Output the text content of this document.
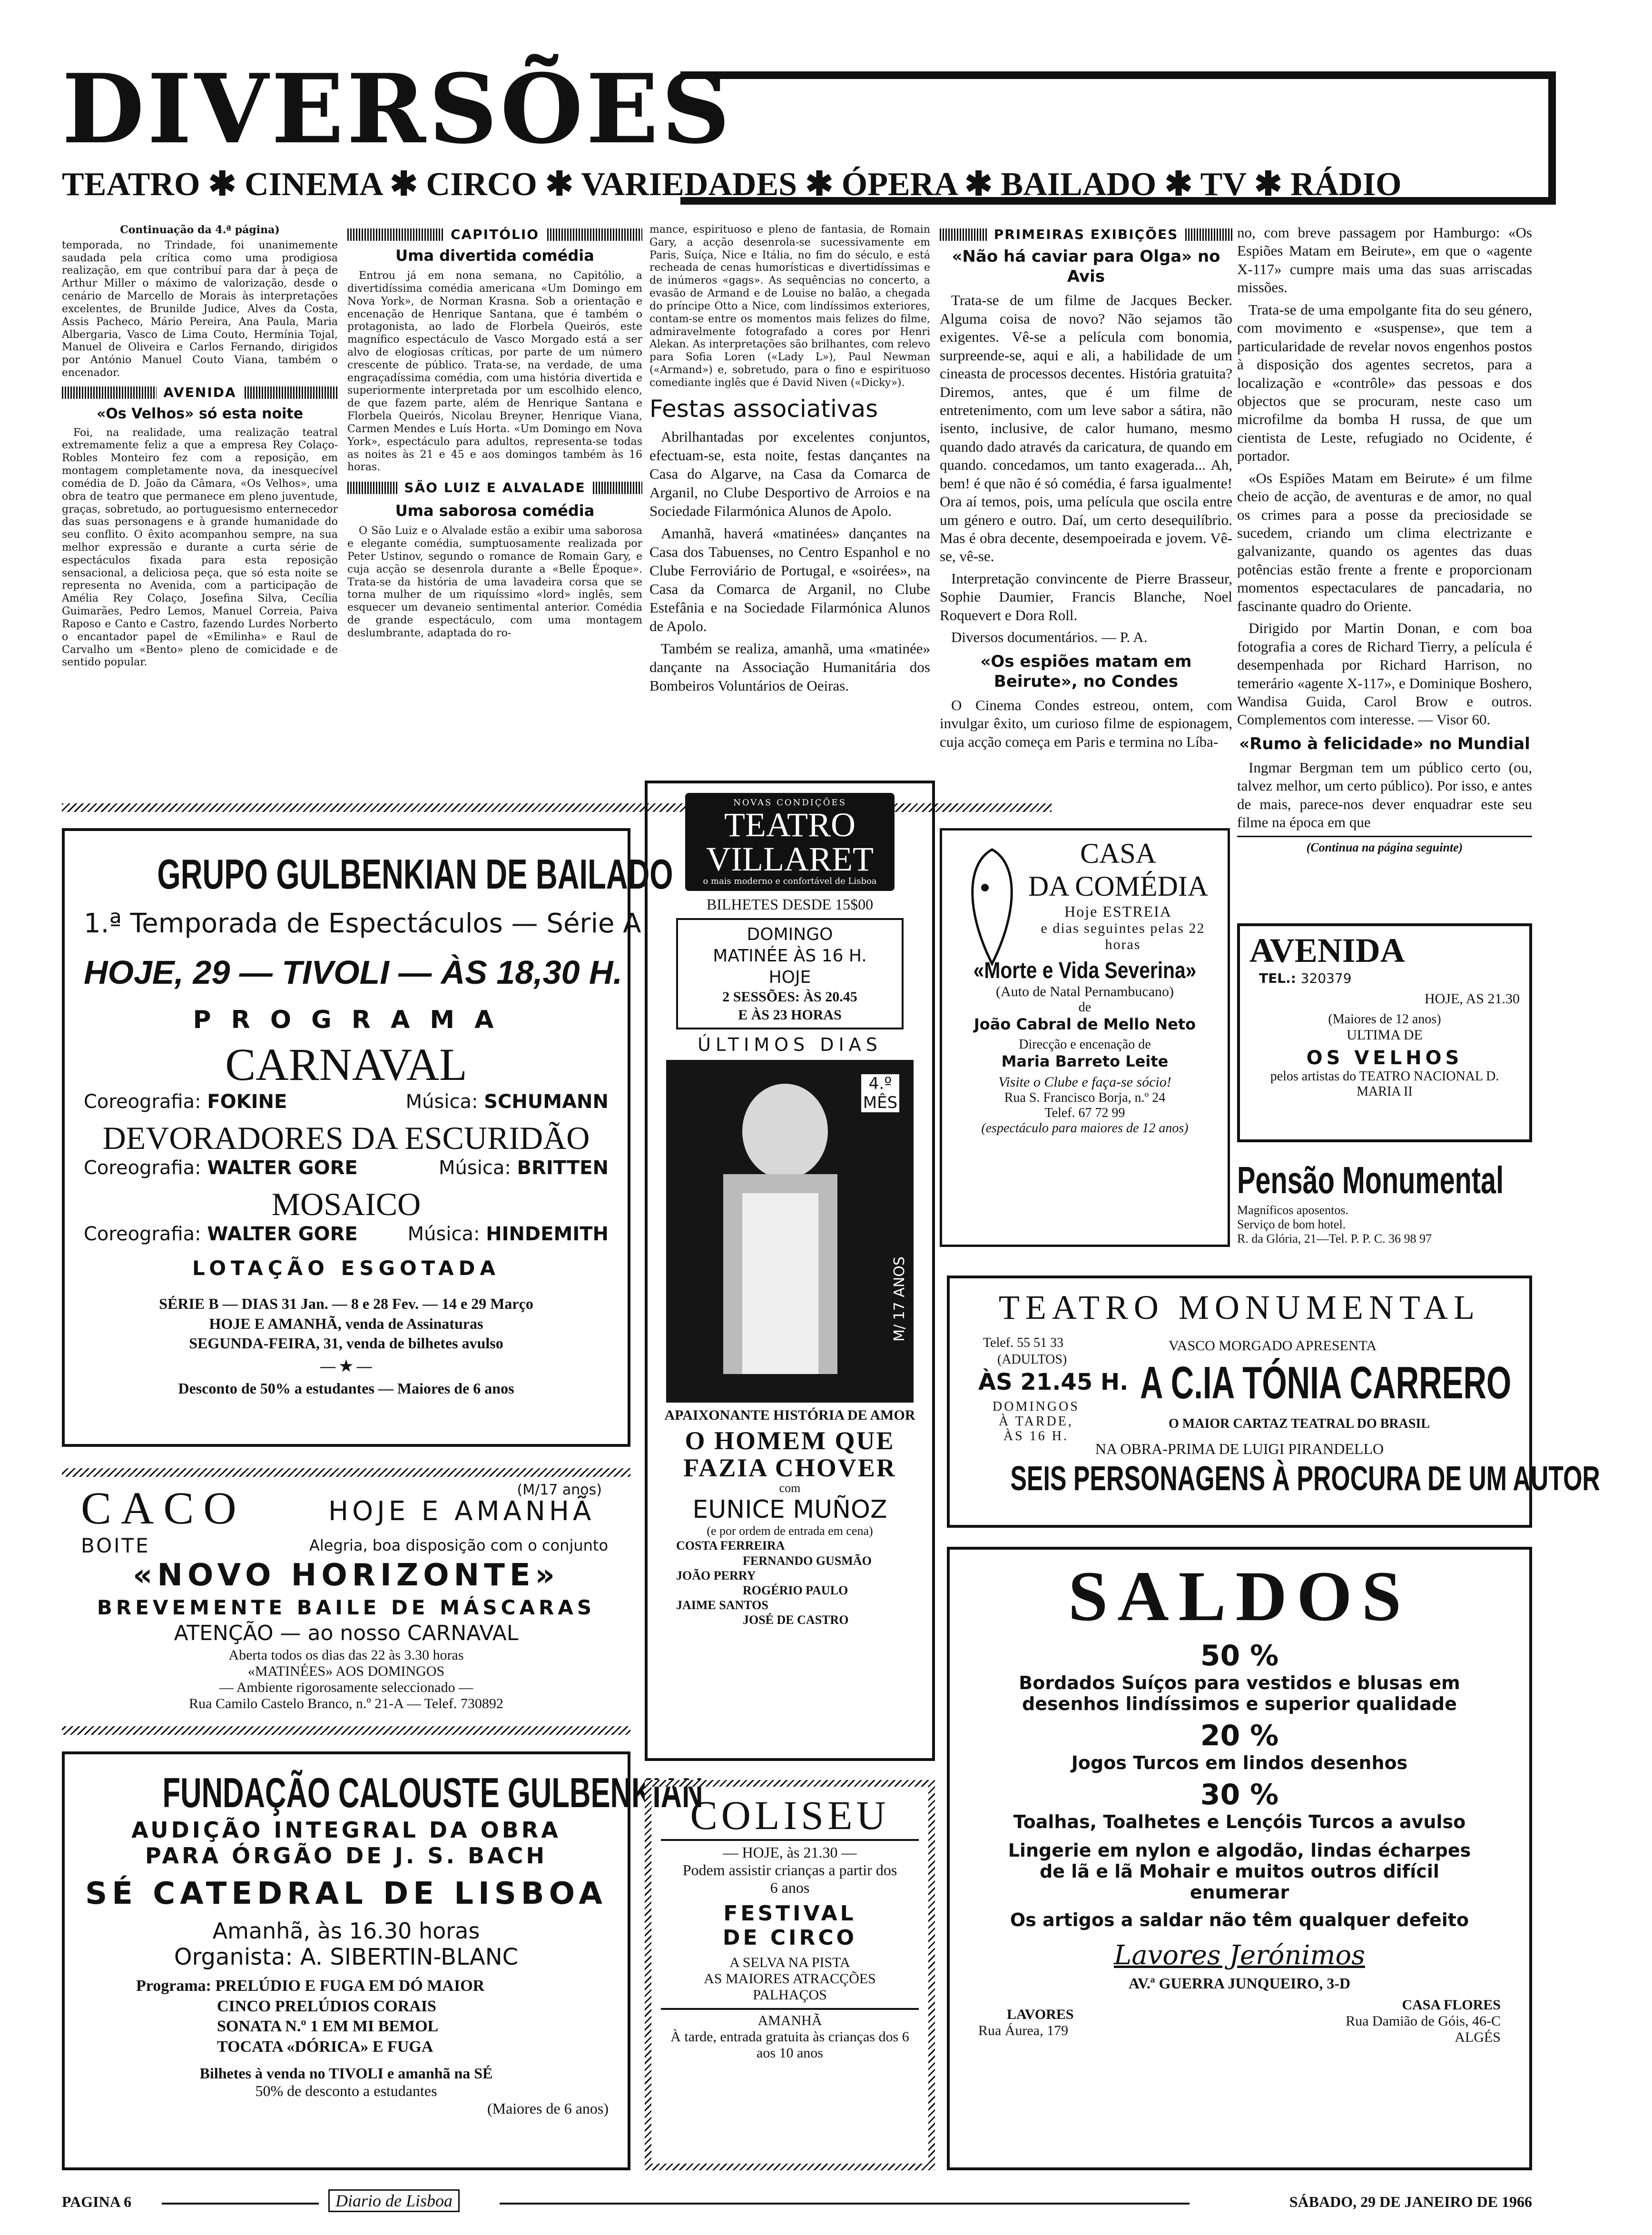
DIVERSÕES
TEATRO ✱ CINEMA ✱ CIRCO ✱ VARIEDADES ✱ ÓPERA ✱ BAILADO ✱ TV ✱ RÁDIO
Continuação da 4.ª página)

temporada, no Trindade, foi unanimemente saudada pela crítica como uma prodigiosa realização, em que contribuí para dar à peça de Arthur Miller o máximo de valorização, desde o cenário de Marcello de Morais às interpretações excelentes, de Brunilde Judice, Alves da Costa, Assis Pacheco, Mário Pereira, Ana Paula, Maria Albergaria, Vasco de Lima Couto, Hermínia Tojal, Manuel de Oliveira e Carlos Fernando, dirigidos por António Manuel Couto Viana, também o encenador.

AVENIDA
«Os Velhos» só esta noite

Foi, na realidade, uma realização teatral extremamente feliz a que a empresa Rey Colaço-Robles Monteiro fez com a reposição, em montagem completamente nova, da inesquecível comédia de D. João da Câmara, «Os Velhos», uma obra de teatro que permanece em pleno juventude, graças, sobretudo, ao portuguesismo enternecedor das suas personagens e à grande humanidade do seu conflito. O êxito acompanhou sempre, na sua melhor expressão e durante a curta série de espectáculos fixada para esta reposição sensacional, a deliciosa peça, que só esta noite se representa no Avenida, com a participação de Amélia Rey Colaço, Josefina Silva, Cecília Guimarães, Pedro Lemos, Manuel Correia, Paiva Raposo e Canto e Castro, fazendo Lurdes Norberto o encantador papel de «Emilinha» e Raul de Carvalho um «Bento» pleno de comicidade e de sentido popular.

CAPITÓLIO
Uma divertida comédia

Entrou já em nona semana, no Capitólio, a divertidíssima comédia americana «Um Domingo em Nova York», de Norman Krasna. Sob a orientação e encenação de Henrique Santana, que é também o protagonista, ao lado de Florbela Queirós, este magnífico espectáculo de Vasco Morgado está a ser alvo de elogiosas críticas, por parte de um número crescente de público. Trata-se, na verdade, de uma engraçadíssima comédia, com uma história divertida e superiormente interpretada por um escolhido elenco, de que fazem parte, além de Henrique Santana e Florbela Queirós, Nicolau Breyner, Henrique Viana, Carmen Mendes e Luís Horta. «Um Domingo em Nova York», espectáculo para adultos, representa-se todas as noites às 21 e 45 e aos domingos também às 16 horas.

SÃO LUIZ E ALVALADE
Uma saborosa comédia

O São Luiz e o Alvalade estão a exibir uma saborosa e elegante comédia, sumptuosamente realizada por Peter Ustinov, segundo o romance de Romain Gary, e cuja acção se desenrola durante a «Belle Époque». Trata-se da história de uma lavadeira corsa que se torna mulher de um riquíssimo «lord» inglês, sem esquecer um devaneio sentimental anterior. Comédia de grande espectáculo, com uma montagem deslumbrante, adaptada do ro-

mance, espirituoso e pleno de fantasia, de Romain Gary, a acção desenrola-se sucessivamente em Paris, Suíça, Nice e Itália, no fim do século, e está recheada de cenas humorísticas e divertidíssimas e de inúmeros «gags». As sequências no concerto, a evasão de Armand e de Louise no balão, a chegada do príncipe Otto a Nice, com lindíssimos exteriores, contam-se entre os momentos mais felizes do filme, admiravelmente fotografado a cores por Henri Alekan. As interpretações são brilhantes, com relevo para Sofia Loren («Lady L»), Paul Newman («Armand») e, sobretudo, para o fino e espirituoso comediante inglês que é David Niven («Dicky»).

Festas associativas

Abrilhantadas por excelentes conjuntos, efectuam-se, esta noite, festas dançantes na Casa do Algarve, na Casa da Comarca de Arganil, no Clube Desportivo de Arroios e na Sociedade Filarmónica Alunos de Apolo.

Amanhã, haverá «matinées» dançantes na Casa dos Tabuenses, no Centro Espanhol e no Clube Ferroviário de Portugal, e «soirées», na Casa da Comarca de Arganil, no Clube Estefânia e na Sociedade Filarmónica Alunos de Apolo.

Também se realiza, amanhã, uma «matinée» dançante na Associação Humanitária dos Bombeiros Voluntários de Oeiras.

PRIMEIRAS EXIBIÇÕES
«Não há caviar para Olga» no Avis

Trata-se de um filme de Jacques Becker. Alguma coisa de novo? Não sejamos tão exigentes. Vê-se a película com bonomia, surpreende-se, aqui e ali, a habilidade de um cineasta de processos decentes. História gratuita? Diremos, antes, que é um filme de entretenimento, com um leve sabor a sátira, não isento, inclusive, de calor humano, mesmo quando dado através da caricatura, de quando em quando. concedamos, um tanto exagerada... Ah, bem! é que não é só comédia, é farsa igualmente! Ora aí temos, pois, uma película que oscila entre um género e outro. Daí, um certo desequilíbrio. Mas é obra decente, desempoeirada e jovem. Vê-se, vê-se.

Interpretação convincente de Pierre Brasseur, Sophie Daumier, Francis Blanche, Noel Roquevert e Dora Roll.

Diversos documentários. — P. A.

«Os espiões matam em Beirute», no Condes

O Cinema Condes estreou, ontem, com invulgar êxito, um curioso filme de espionagem, cuja acção começa em Paris e termina no Líba-

no, com breve passagem por Hamburgo: «Os Espiões Matam em Beirute», em que o «agente X-117» cumpre mais uma das suas arriscadas missões.

Trata-se de uma empolgante fita do seu género, com movimento e «suspense», que tem a particularidade de revelar novos engenhos postos à disposição dos agentes secretos, para a localização e «contrôle» das pessoas e dos objectos que se procuram, neste caso um microfilme da bomba H russa, de que um cientista de Leste, refugiado no Ocidente, é portador.

«Os Espiões Matam em Beirute» é um filme cheio de acção, de aventuras e de amor, no qual os crimes para a posse da preciosidade se sucedem, criando um clima electrizante e galvanizante, quando os agentes das duas potências estão frente a frente e proporcionam momentos espectaculares de pancadaria, no fascinante quadro do Oriente.

Dirigido por Martin Donan, e com boa fotografia a cores de Richard Tierry, a película é desempenhada por Richard Harrison, no temerário «agente X-117», e Dominique Boshero, Wandisa Guida, Carol Brow e outros. Complementos com interesse. — Visor 60.

«Rumo à felicidade» no Mundial

Ingmar Bergman tem um público certo (ou, talvez melhor, um certo público). Por isso, e antes de mais, parece-nos dever enquadrar este seu filme na época em que

(Continua na página seguinte)
GRUPO GULBENKIAN DE BAILADO
1.ª Temporada de Espectáculos — Série A
HOJE, 29 — TIVOLI — ÀS 18,30 H.
P R O G R A M A
CARNAVAL
Coreografia: FOKINE	Música: SCHUMANN
DEVORADORES DA ESCURIDÃO
Coreografia: WALTER GORE	Música: BRITTEN
MOSAICO
Coreografia: WALTER GORE	Música: HINDEMITH
LOTAÇÃO ESGOTADA
SÉRIE B — DIAS 31 Jan. — 8 e 28 Fev. — 14 e 29 Março
HOJE E AMANHÃ, venda de Assinaturas
SEGUNDA-FEIRA, 31, venda de bilhetes avulso
— ★ —
Desconto de 50% a estudantes — Maiores de 6 anos
CACO	(M/17 anos)
HOJE E AMANHÃ
BOITE	Alegria, boa disposição com o conjunto
«NOVO HORIZONTE»
BREVEMENTE BAILE DE MÁSCARAS
ATENÇÃO — ao nosso CARNAVAL
Aberta todos os dias das 22 às 3.30 horas
«MATINÉES» AOS DOMINGOS
— Ambiente rigorosamente seleccionado —
Rua Camilo Castelo Branco, n.º 21-A — Telef. 730892
FUNDAÇÃO CALOUSTE GULBENKIAN
AUDIÇÃO INTEGRAL DA OBRA
PARA ÓRGÃO DE J. S. BACH
SÉ CATEDRAL DE LISBOA
Amanhã, às 16.30 horas
Organista: A. SIBERTIN-BLANC
Programa: PRELÚDIO E FUGA EM DÓ MAIOR
CINCO PRELÚDIOS CORAIS
SONATA N.º 1 EM MI BEMOL
TOCATA «DÓRICA» E FUGA
Bilhetes à venda no TIVOLI e amanhã na SÉ
50% de desconto a estudantes
(Maiores de 6 anos)
NOVAS CONDIÇÕES
TEATRO
VILLARET
o mais moderno e confortável de Lisboa
BILHETES DESDE 15$00
DOMINGO
MATINÉE ÀS 16 H.
HOJE
2 SESSÕES: ÀS 20.45
E ÀS 23 HORAS
ÚLTIMOS DIAS
4.º MÊS
M/ 17 ANOS
APAIXONANTE HISTÓRIA DE AMOR
O HOMEM QUE FAZIA CHOVER
com
EUNICE MUÑOZ
(e por ordem de entrada em cena)
COSTA FERREIRA
FERNANDO GUSMÃO
JOÃO PERRY
ROGÉRIO PAULO
JAIME SANTOS
JOSÉ DE CASTRO
COLISEU
— HOJE, às 21.30 —
Podem assistir crianças a partir dos 6 anos
FESTIVAL
DE CIRCO
A SELVA NA PISTA
AS MAIORES ATRACÇÕES
PALHAÇOS
AMANHÃ
À tarde, entrada gratuita às crianças dos 6 aos 10 anos
CASA
DA COMÉDIA
Hoje ESTREIA
e dias seguintes pelas 22 horas
«Morte e Vida Severina»
(Auto de Natal Pernambucano)
de
João Cabral de Mello Neto
Direcção e encenação de
Maria Barreto Leite
Visite o Clube e faça-se sócio!
Rua S. Francisco Borja, n.º 24
Telef. 67 72 99
(espectáculo para maiores de 12 anos)
AVENIDA
TEL.: 320379
HOJE, AS 21.30
(Maiores de 12 anos)
ULTIMA DE
OS VELHOS
pelos artistas do TEATRO NACIONAL D. MARIA II
Pensão Monumental
Magníficos aposentos.
Serviço de bom hotel.
R. da Glória, 21—Tel. P. P. C. 36 98 97
TEATRO MONUMENTAL
Telef. 55 51 33
(ADULTOS)
ÀS 21.45 H.
DOMINGOS
À TARDE,
ÀS 16 H.
VASCO MORGADO APRESENTA
A C.IA TÓNIA CARRERO
O MAIOR CARTAZ TEATRAL DO BRASIL
NA OBRA-PRIMA DE LUIGI PIRANDELLO
SEIS PERSONAGENS À PROCURA DE UM AUTOR
SALDOS
50 %
Bordados Suíços para vestidos e blusas em desenhos lindíssimos e superior qualidade
20 %
Jogos Turcos em lindos desenhos
30 %
Toalhas, Toalhetes e Lençóis Turcos a avulso
Lingerie em nylon e algodão, lindas écharpes de lã e lã Mohair e muitos outros difícil enumerar
Os artigos a saldar não têm qualquer defeito
Lavores Jerónimos
AV.ª GUERRA JUNQUEIRO, 3-D
LAVORES
Rua Áurea, 179
CASA FLORES
Rua Damião de Góis, 46-C
ALGÉS
PAGINA 6	Diario de Lisboa	SÁBADO, 29 DE JANEIRO DE 1966
